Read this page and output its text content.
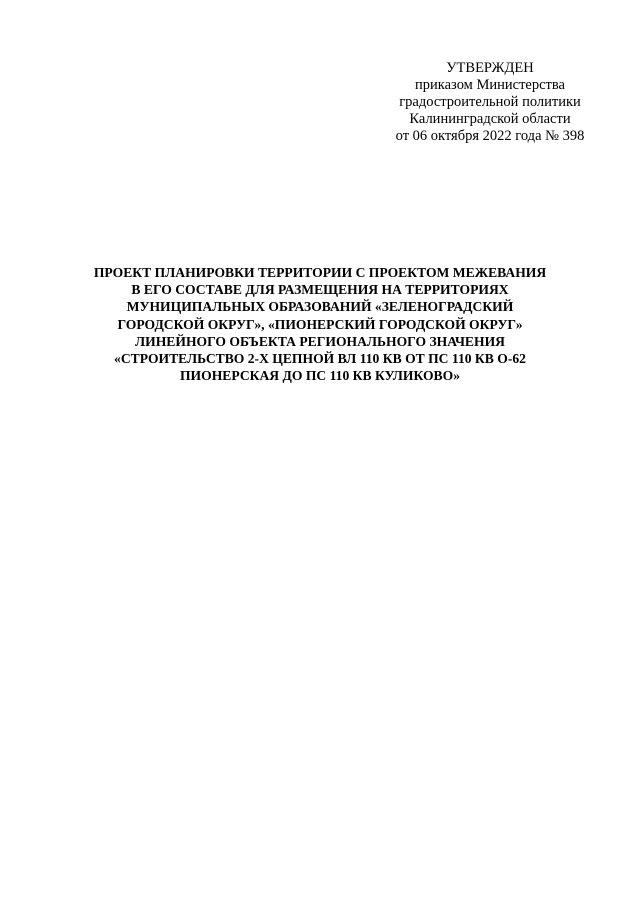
УТВЕРЖДЕН
приказом Министерства
градостроительной политики
Калининградской области
от 06 октября 2022 года № 398
ПРОЕКТ ПЛАНИРОВКИ ТЕРРИТОРИИ С ПРОЕКТОМ МЕЖЕВАНИЯ
В ЕГО СОСТАВЕ ДЛЯ РАЗМЕЩЕНИЯ НА ТЕРРИТОРИЯХ
МУНИЦИПАЛЬНЫХ ОБРАЗОВАНИЙ «ЗЕЛЕНОГРАДСКИЙ
ГОРОДСКОЙ ОКРУГ», «ПИОНЕРСКИЙ ГОРОДСКОЙ ОКРУГ»
ЛИНЕЙНОГО ОБЪЕКТА РЕГИОНАЛЬНОГО ЗНАЧЕНИЯ
«СТРОИТЕЛЬСТВО 2-Х ЦЕПНОЙ ВЛ 110 КВ ОТ ПС 110 КВ О-62
ПИОНЕРСКАЯ ДО ПС 110 КВ КУЛИКОВО»
